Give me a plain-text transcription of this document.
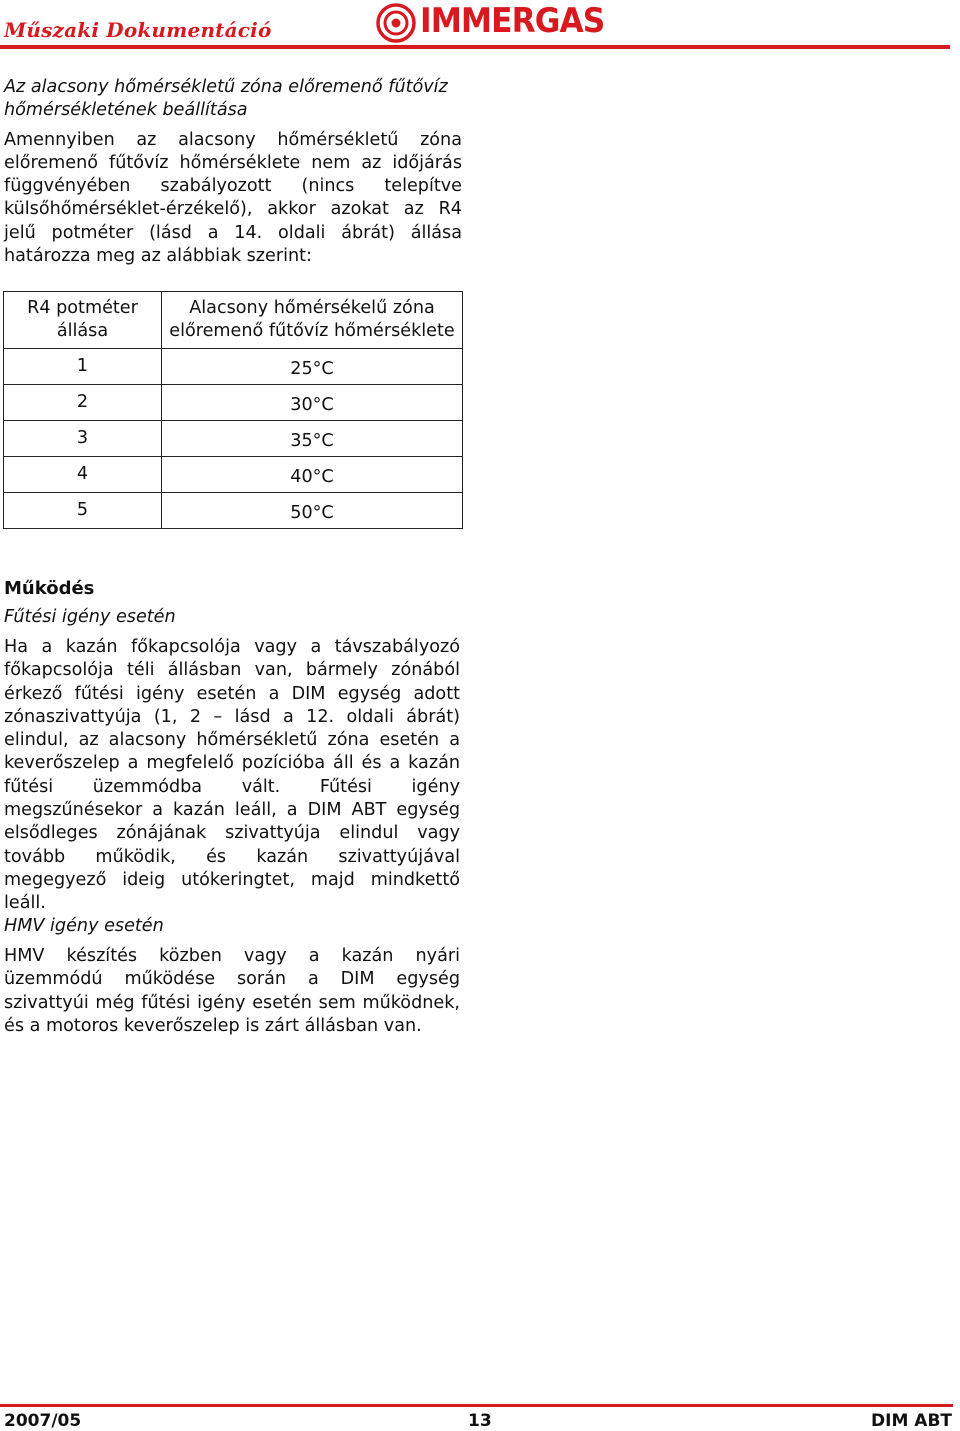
Műszaki Dokumentáció	IMMERGAS

Az alacsony hőmérsékletű zóna előremenő fűtővíz hőmérsékletének beállítása

Amennyiben az alacsony hőmérsékletű zóna előremenő fűtővíz hőmérséklete nem az időjárás függvényében szabályozott (nincs telepítve külsőhőmérséklet-érzékelő), akkor azokat az R4 jelű potméter (lásd a 14. oldali ábrát) állása határozza meg az alábbiak szerint:

R4 potméter állása	Alacsony hőmérsékelű zóna előremenő fűtővíz hőmérséklete
1	25°C
2	30°C
3	35°C
4	40°C
5	50°C
Működés
Fűtési igény esetén

Ha a kazán főkapcsolója vagy a távszabályozó főkapcsolója téli állásban van, bármely zónából érkező fűtési igény esetén a DIM egység adott zónaszivattyúja (1, 2 – lásd a 12. oldali ábrát) elindul, az alacsony hőmérsékletű zóna esetén a keverőszelep a megfelelő pozícióba áll és a kazán fűtési üzemmódba vált. Fűtési igény megszűnésekor a kazán leáll, a DIM ABT egység elsődleges zónájának szivattyúja elindul vagy tovább működik, és kazán szivattyújával megegyező ideig utókeringtet, majd mindkettő leáll.

HMV igény esetén

HMV készítés közben vagy a kazán nyári üzemmódú működése során a DIM egység szivattyúi még fűtési igény esetén sem működnek, és a motoros keverőszelep is zárt állásban van.

2007/05	13	DIM ABT
